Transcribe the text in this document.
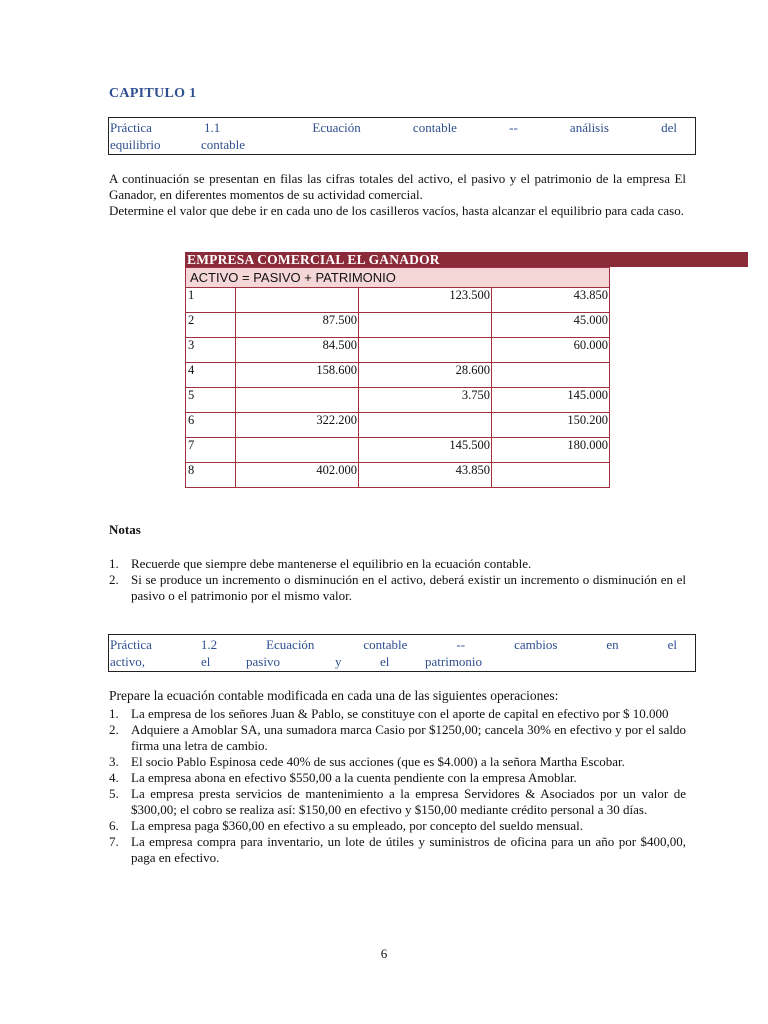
CAPITULO 1
Práctica	1.1	Ecuación	contable	--	análisis	del
equilibrio	contable

A continuación se presentan en filas las cifras totales del activo, el pasivo y el patrimonio de la empresa El Ganador, en diferentes momentos de su actividad comercial.

Determine el valor que debe ir en cada uno de los casilleros vacíos, hasta alcanzar el equilibrio para cada caso.

EMPRESA COMERCIAL EL GANADOR
ACTIVO = PASIVO + PATRIMONIO			
1		123.500	43.850
2	87.500		45.000
3	84.500		60.000
4	158.600	28.600	
5		3.750	145.000
6	322.200		150.200
7		145.500	180.000
8	402.000	43.850	
Notas
1. Recuerde que siempre debe mantenerse el equilibrio en la ecuación contable.
2. Si se produce un incremento o disminución en el activo, deberá existir un incremento o disminución en el pasivo o el patrimonio por el mismo valor.
Práctica	1.2	Ecuación	contable	--	cambios	en	el
activo,	el	pasivo	y	el	patrimonio
Prepare la ecuación contable modificada en cada una de las siguientes operaciones:
1. La empresa de los señores Juan & Pablo, se constituye con el aporte de capital en efectivo por $ 10.000
2. Adquiere a Amoblar SA, una sumadora marca Casio por $1250,00; cancela 30% en efectivo y por el saldo firma una letra de cambio.
3. El socio Pablo Espinosa cede 40% de sus acciones (que es $4.000) a la señora Martha Escobar.
4. La empresa abona en efectivo $550,00 a la cuenta pendiente con la empresa Amoblar.
5. La empresa presta servicios de mantenimiento a la empresa Servidores & Asociados por un valor de $300,00; el cobro se realiza así: $150,00 en efectivo y $150,00 mediante crédito personal a 30 días.
6. La empresa paga $360,00 en efectivo a su empleado, por concepto del sueldo mensual.
7. La empresa compra para inventario, un lote de útiles y suministros de oficina para un año por $400,00, paga en efectivo.
6
